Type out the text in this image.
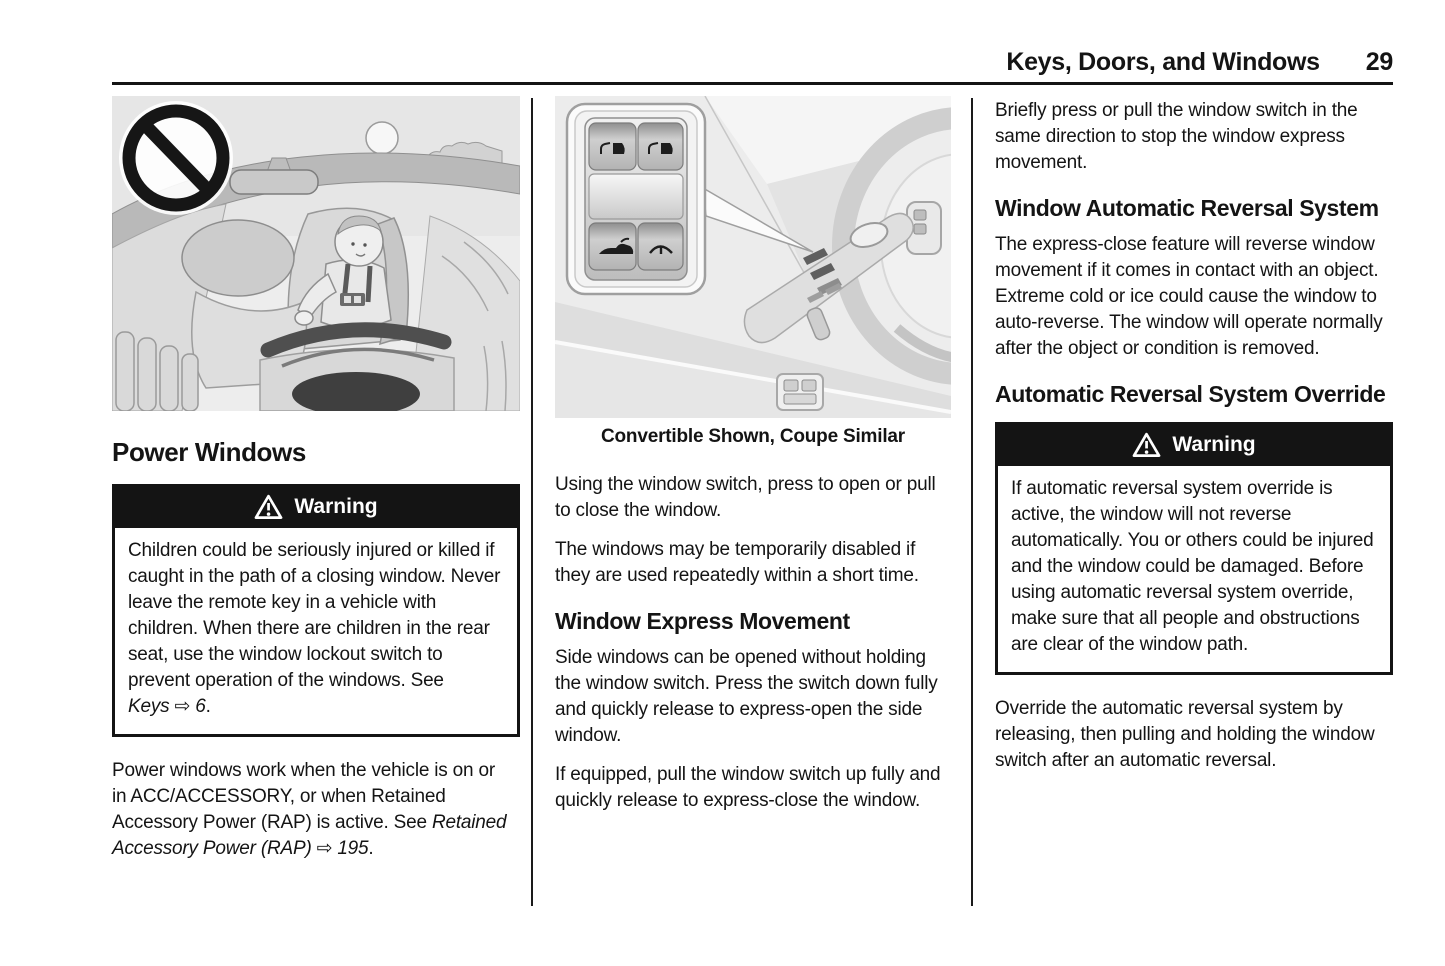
Keys, Doors, and Windows 29
Power Windows
Warning

Children could be seriously injured or killed if caught in the path of a closing window. Never leave the remote key in a vehicle with children. When there are children in the rear seat, use the window lockout switch to prevent operation of the windows. See Keys ⇨ 6.

Power windows work when the vehicle is on or in ACC/ACCESSORY, or when Retained Accessory Power (RAP) is active. See Retained Accessory Power (RAP) ⇨ 195.

Convertible Shown, Coupe Similar

Using the window switch, press to open or pull to close the window.

The windows may be temporarily disabled if they are used repeatedly within a short time.

Window Express Movement

Side windows can be opened without holding the window switch. Press the switch down fully and quickly release to express-open the side window.

If equipped, pull the window switch up fully and quickly release to express-close the window.

Briefly press or pull the window switch in the same direction to stop the window express movement.

Window Automatic Reversal System

The express-close feature will reverse window movement if it comes in contact with an object. Extreme cold or ice could cause the window to auto-reverse. The window will operate normally after the object or condition is removed.

Automatic Reversal System Override
Warning

If automatic reversal system override is active, the window will not reverse automatically. You or others could be injured and the window could be damaged. Before using automatic reversal system override, make sure that all people and obstructions are clear of the window path.

Override the automatic reversal system by releasing, then pulling and holding the window switch after an automatic reversal.
